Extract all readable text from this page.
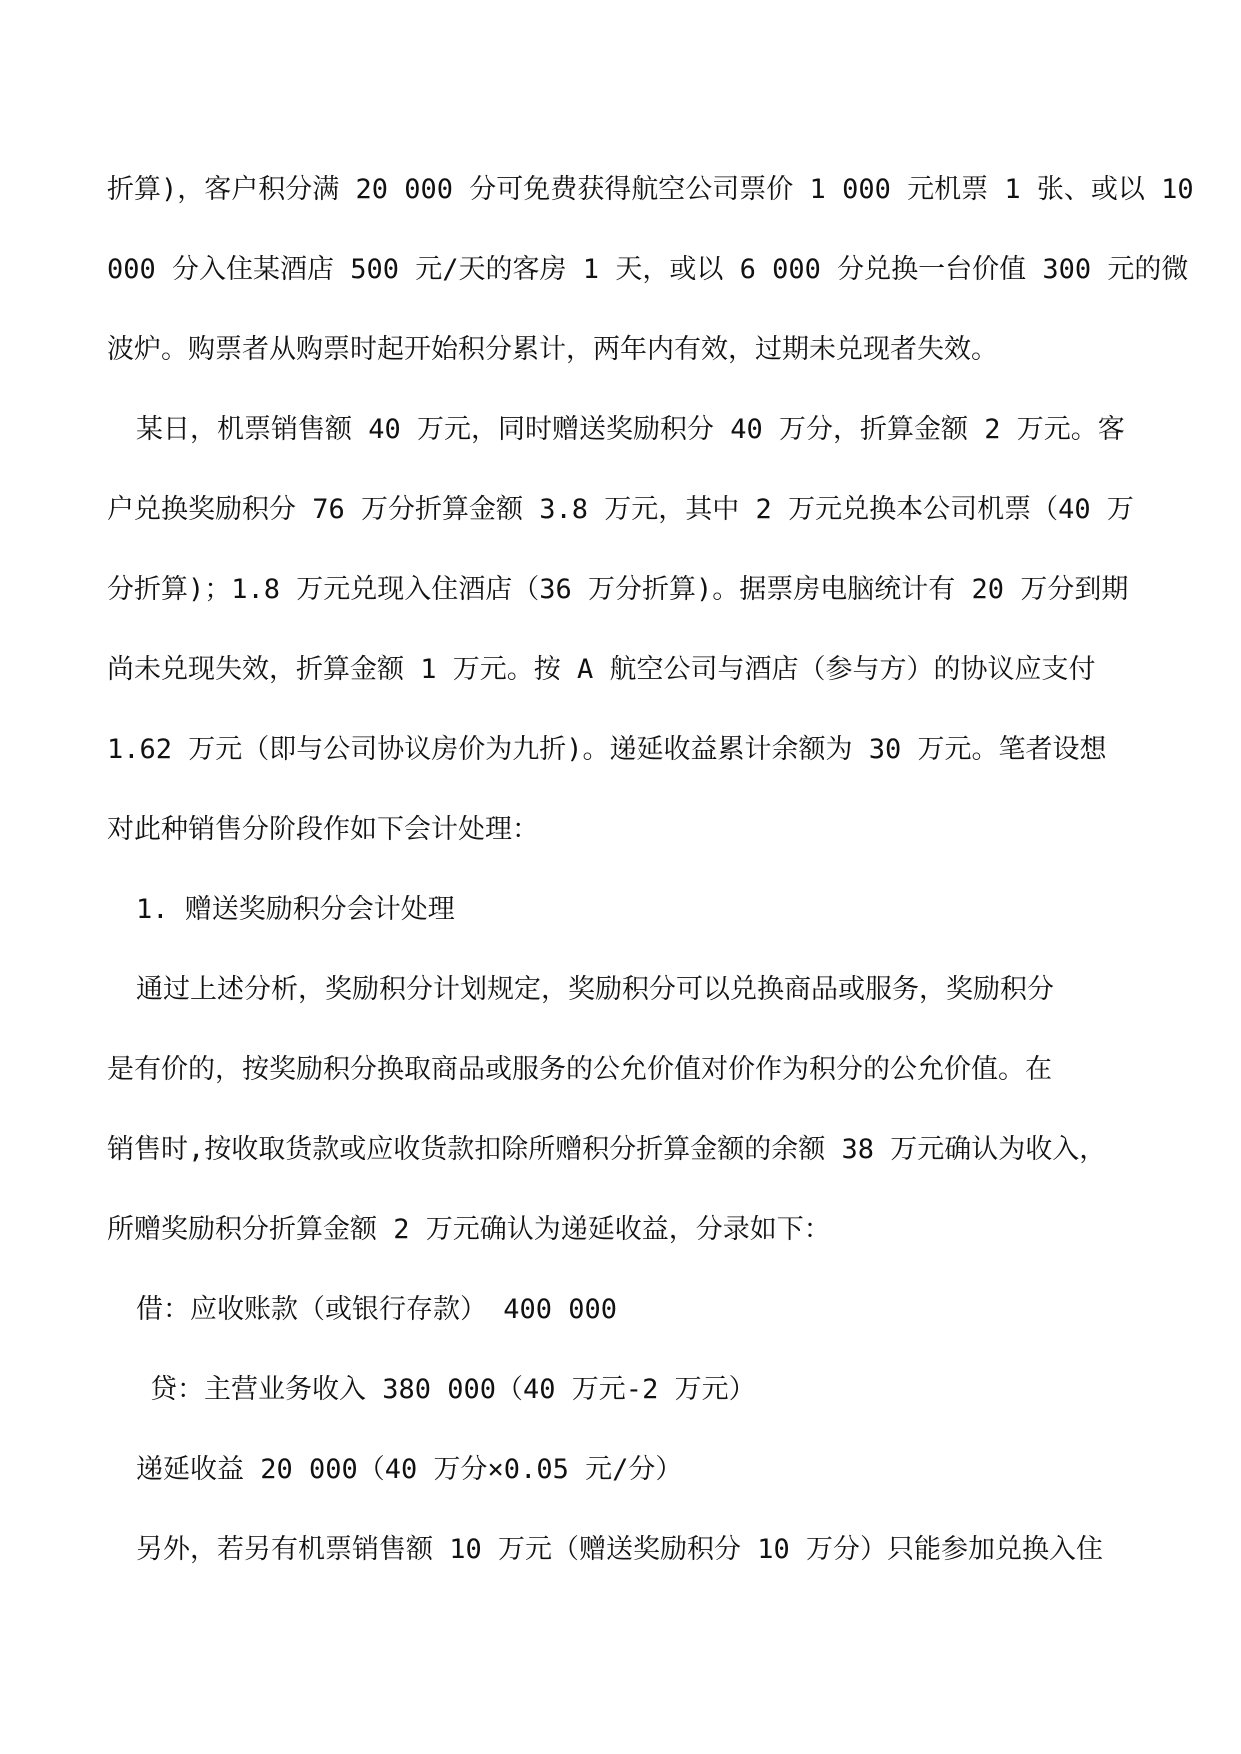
折算)，客户积分满 20 000 分可免费获得航空公司票价 1 000 元机票 1 张、或以 10
000 分入住某酒店 500 元/天的客房 1 天，或以 6 000 分兑换一台价值 300 元的微
波炉。购票者从购票时起开始积分累计，两年内有效，过期未兑现者失效。
某日，机票销售额 40 万元，同时赠送奖励积分 40 万分，折算金额 2 万元。客
户兑换奖励积分 76 万分折算金额 3.8 万元，其中 2 万元兑换本公司机票（40 万
分折算)；1.8 万元兑现入住酒店（36 万分折算)。据票房电脑统计有 20 万分到期
尚未兑现失效，折算金额 1 万元。按 A 航空公司与酒店（参与方）的协议应支付
1.62 万元（即与公司协议房价为九折)。递延收益累计余额为 30 万元。笔者设想
对此种销售分阶段作如下会计处理：
1. 赠送奖励积分会计处理
通过上述分析，奖励积分计划规定，奖励积分可以兑换商品或服务，奖励积分
是有价的，按奖励积分换取商品或服务的公允价值对价作为积分的公允价值。在
销售时,按收取货款或应收货款扣除所赠积分折算金额的余额 38 万元确认为收入，
所赠奖励积分折算金额 2 万元确认为递延收益，分录如下：
借：应收账款（或银行存款） 400 000
贷：主营业务收入 380 000（40 万元-2 万元）
递延收益 20 000（40 万分×0.05 元/分）
另外，若另有机票销售额 10 万元（赠送奖励积分 10 万分）只能参加兑换入住
